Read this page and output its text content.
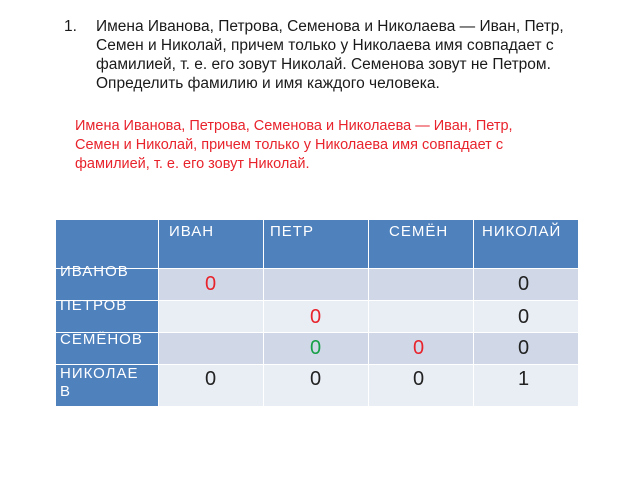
1.	Имена Иванова, Петрова, Семенова и Николаева — Иван, Петр, Семен и Николай, причем только у Николаева имя совпадает с фамилией, т. е. его зовут Николай. Семенова зовут не Петром. Определить фамилию и имя каждого человека.
Имена Иванова, Петрова, Семенова и Николаева — Иван, Петр, Семен и Николай, причем только у Николаева имя совпадает с фамилией, т. е. его зовут Николай.

	ИВАН	ПЕТР	СЕМЁН	НИКОЛАЙ

ИВАНОВ	0			0

ПЕТРОВ		0		0

СЕМЁНОВ		0	0	0

НИКОЛАЕВ	0	0	0	1
